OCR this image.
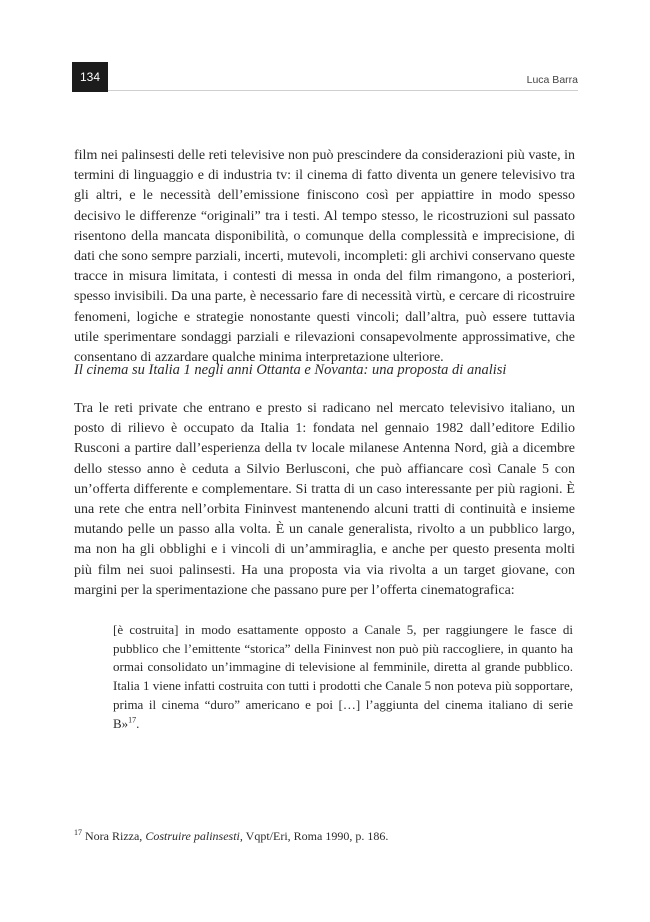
134	Luca Barra

film nei palinsesti delle reti televisive non può prescindere da considerazioni più vaste, in termini di linguaggio e di industria tv: il cinema di fatto diventa un genere televisivo tra gli altri, e le necessità dell’emissione finiscono così per appiattire in modo spesso decisivo le differenze “originali” tra i testi. Al tempo stesso, le ricostruzioni sul passato risentono della mancata disponibilità, o comunque della complessità e imprecisione, di dati che sono sempre parziali, incerti, mutevoli, incompleti: gli archivi conservano queste tracce in misura limitata, i contesti di messa in onda del film rimangono, a posteriori, spesso invisibili. Da una parte, è necessario fare di necessità virtù, e cercare di ricostruire fenomeni, logiche e strategie nonostante questi vincoli; dall’altra, può essere tuttavia utile sperimentare sondaggi parziali e rilevazioni consapevolmente approssimative, che consentano di azzardare qualche minima interpretazione ulteriore.

Il cinema su Italia 1 negli anni Ottanta e Novanta: una proposta di analisi

Tra le reti private che entrano e presto si radicano nel mercato televisivo italiano, un posto di rilievo è occupato da Italia 1: fondata nel gennaio 1982 dall’editore Edilio Rusconi a partire dall’esperienza della tv locale milanese Antenna Nord, già a dicembre dello stesso anno è ceduta a Silvio Berlusconi, che può affiancare così Canale 5 con un’offerta differente e complementare. Si tratta di un caso interessante per più ragioni. È una rete che entra nell’orbita Fininvest mantenendo alcuni tratti di continuità e insieme mutando pelle un passo alla volta. È un canale generalista, rivolto a un pubblico largo, ma non ha gli obblighi e i vincoli di un’ammiraglia, e anche per questo presenta molti più film nei suoi palinsesti. Ha una proposta via via rivolta a un target giovane, con margini per la sperimentazione che passano pure per l’offerta cinematografica:

[è costruita] in modo esattamente opposto a Canale 5, per raggiungere le fasce di pubblico che l’emittente “storica” della Fininvest non può più raccogliere, in quanto ha ormai consolidato un’immagine di televisione al femminile, diretta al grande pubblico. Italia 1 viene infatti costruita con tutti i prodotti che Canale 5 non poteva più sopportare, prima il cinema “duro” americano e poi […] l’aggiunta del cinema italiano di serie B»$^{17}$.

$^{17}$ Nora Rizza, Costruire palinsesti, Vqpt/Eri, Roma 1990, p. 186.
